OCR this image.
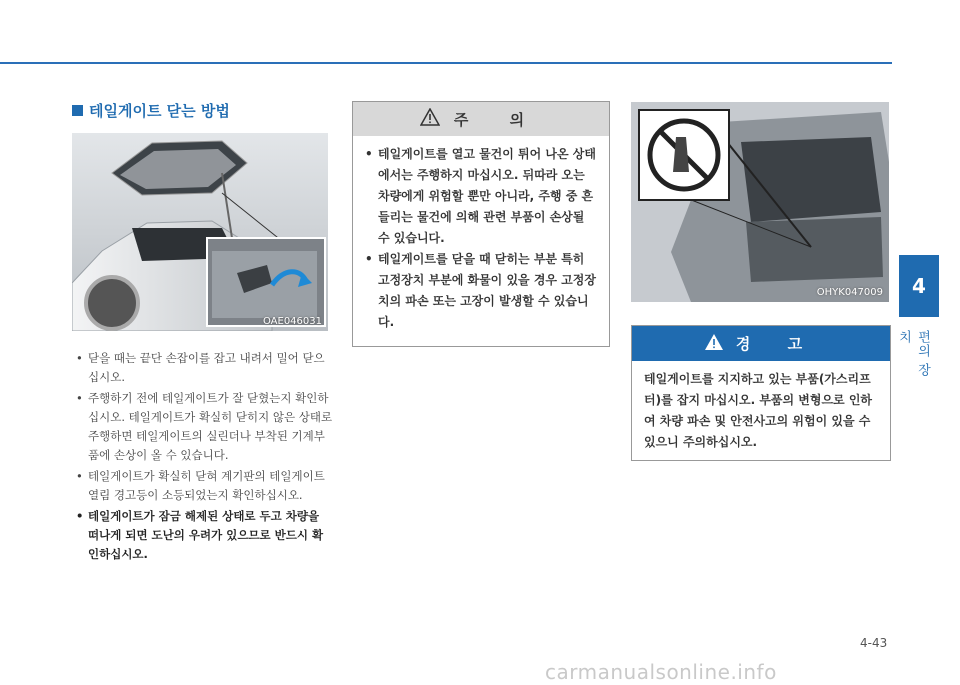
4
편의 장치
테일게이트 닫는 방법
OAE046031
• 닫을 때는 끝단 손잡이를 잡고 내려서 밀어 닫으십시오.
• 주행하기 전에 테일게이트가 잘 닫혔는지 확인하십시오. 테일게이트가 확실히 닫히지 않은 상태로 주행하면 테일게이트의 실린더나 부착된 기계부품에 손상이 올 수 있습니다.
• 테일게이트가 확실히 닫혀 계기판의 테일게이트 열림 경고등이 소등되었는지 확인하십시오.
• 테일게이트가 잠금 해제된 상태로 두고 차량을 떠나게 되면 도난의 우려가 있으므로 반드시 확인하십시오.
주 의
• 테일게이트를 열고 물건이 튀어 나온 상태에서는 주행하지 마십시오. 뒤따라 오는 차량에게 위험할 뿐만 아니라, 주행 중 흔들리는 물건에 의해 관련 부품이 손상될 수 있습니다.
• 테일게이트를 닫을 때 닫히는 부분 특히 고정장치 부분에 화물이 있을 경우 고정장치의 파손 또는 고장이 발생할 수 있습니다.
OHYK047009
경 고
테일게이트를 지지하고 있는 부품(가스리프터)를 잡지 마십시오. 부품의 변형으로 인하여 차량 파손 및 안전사고의 위험이 있을 수 있으니 주의하십시오.
4-43
carmanualsonline.info
